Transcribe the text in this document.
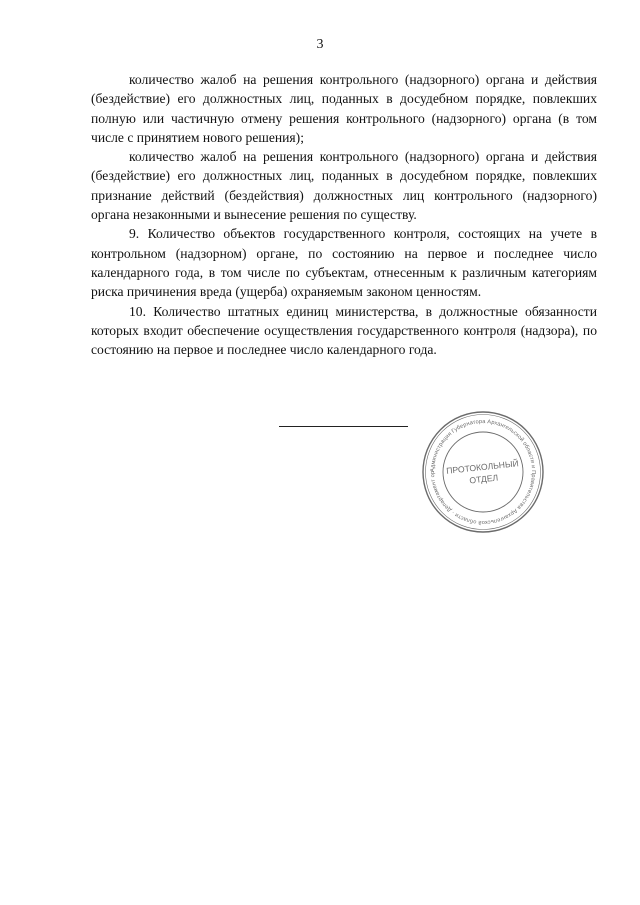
3

количество жалоб на решения контрольного (надзорного) органа и действия (бездействие) его должностных лиц, поданных в досудебном порядке, повлекших полную или частичную отмену решения контрольного (надзорного) органа (в том числе с принятием нового решения);

количество жалоб на решения контрольного (надзорного) органа и действия (бездействие) его должностных лиц, поданных в досудебном порядке, повлекших признание действий (бездействия) должностных лиц контрольного (надзорного) органа незаконными и вынесение решения по существу.

9. Количество объектов государственного контроля, состоящих на учете в контрольном (надзорном) органе, по состоянию на первое и последнее число календарного года, в том числе по субъектам, отнесенным к различным категориям риска причинения вреда (ущерба) охраняемым законом ценностям.

10. Количество штатных единиц министерства, в должностные обязанности которых входит обеспечение осуществления государственного контроля (надзора), по состоянию на первое и последнее число календарного года.

Администрация Губернатора Архангельской области и Правительства Архангельской области · Департамент ор	ПРОТОКОЛЬНЫЙ
ОТДЕЛ
